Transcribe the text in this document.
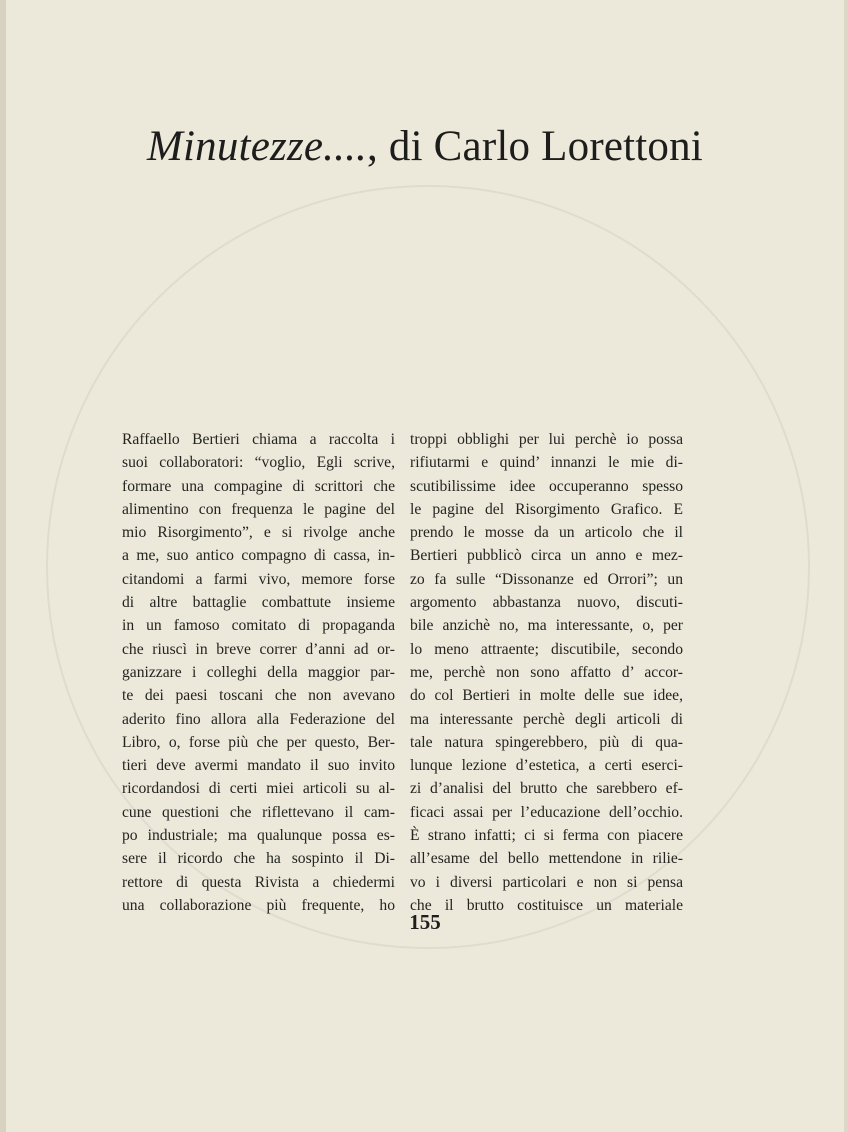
Minutezze...., di Carlo Lorettoni
Raffaello Bertieri chiama a raccolta i
suoi collaboratori: “voglio, Egli scrive,
formare una compagine di scrittori che
alimentino con frequenza le pagine del
mio Risorgimento”, e si rivolge anche
a me, suo antico compagno di cassa, in-
citandomi a farmi vivo, memore forse
di altre battaglie combattute insieme
in un famoso comitato di propaganda
che riuscì in breve correr d’anni ad or-
ganizzare i colleghi della maggior par-
te dei paesi toscani che non avevano
aderito fino allora alla Federazione del
Libro, o, forse più che per questo, Ber-
tieri deve avermi mandato il suo invito
ricordandosi di certi miei articoli su al-
cune questioni che riflettevano il cam-
po industriale; ma qualunque possa es-
sere il ricordo che ha sospinto il Di-
rettore di questa Rivista a chiedermi
una collaborazione più frequente, ho
troppi obblighi per lui perchè io possa
rifiutarmi e quind’ innanzi le mie di-
scutibilissime idee occuperanno spesso
le pagine del Risorgimento Grafico. E
prendo le mosse da un articolo che il
Bertieri pubblicò circa un anno e mez-
zo fa sulle “Dissonanze ed Orrori”; un
argomento abbastanza nuovo, discuti-
bile anzichè no, ma interessante, o, per
lo meno attraente; discutibile, secondo
me, perchè non sono affatto d’ accor-
do col Bertieri in molte delle sue idee,
ma interessante perchè degli articoli di
tale natura spingerebbero, più di qua-
lunque lezione d’estetica, a certi eserci-
zi d’analisi del brutto che sarebbero ef-
ficaci assai per l’educazione dell’occhio.
È strano infatti; ci si ferma con piacere
all’esame del bello mettendone in rilie-
vo i diversi particolari e non si pensa
che il brutto costituisce un materiale
155
